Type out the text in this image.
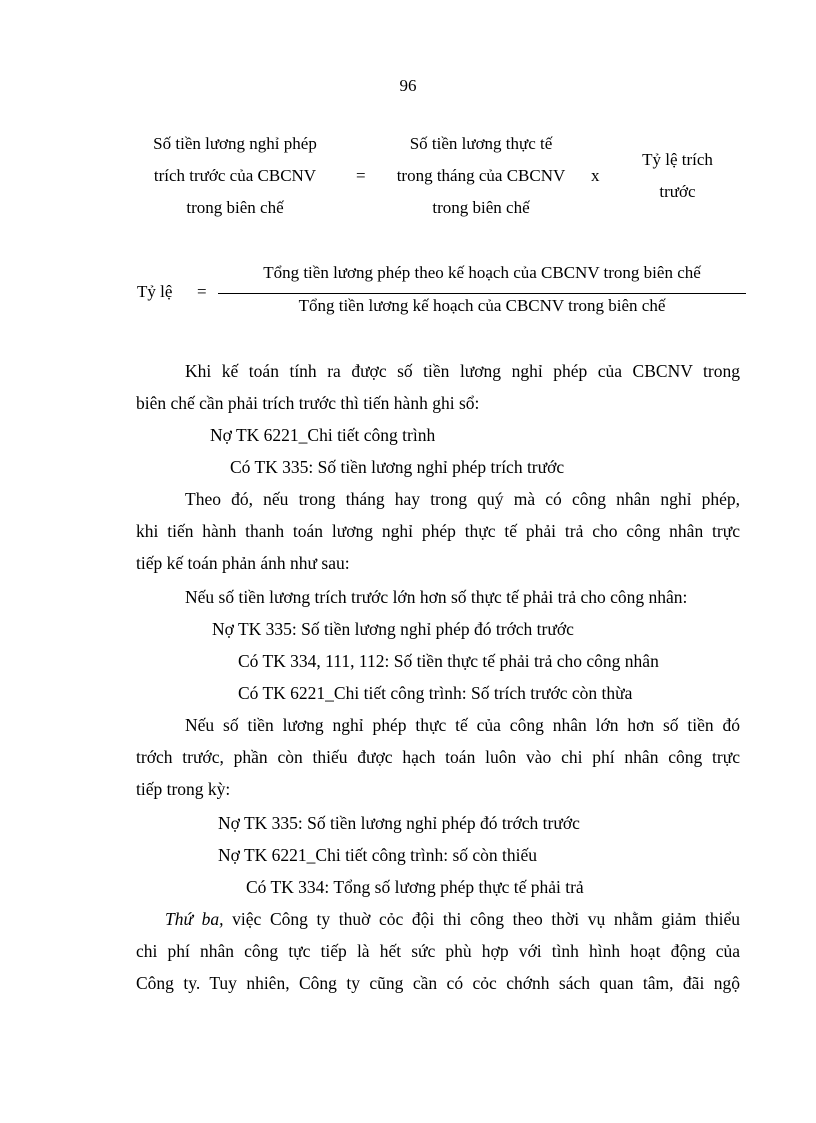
96
Số tiền lương nghỉ phép
trích trước của CBCNV
trong biên chế
=
Số tiền lương thực tế
trong tháng của CBCNV
trong biên chế
x
Tỷ lệ trích
trước
Tỷ lệ =
Tổng tiền lương phép theo kế hoạch của CBCNV trong biên chế
Tổng tiền lương kế hoạch của CBCNV trong biên chế
Khi kế toán tính ra được số tiền lương nghỉ phép của CBCNV trong
biên chế cần phải trích trước thì tiến hành ghi sổ:
Nợ TK 6221_Chi tiết công trình
Có TK 335: Số tiền lương nghỉ phép trích trước
Theo đó, nếu trong tháng hay trong quý mà có công nhân nghỉ phép,
khi tiến hành thanh toán lương nghỉ phép thực tế phải trả cho công nhân trực
tiếp kế toán phản ánh như sau:
Nếu số tiền lương trích trước lớn hơn số thực tế phải trả cho công nhân:
Nợ TK 335: Số tiền lương nghỉ phép đó trớch trước
Có TK 334, 111, 112: Số tiền thực tế phải trả cho công nhân
Có TK 6221_Chi tiết công trình: Số trích trước còn thừa
Nếu số tiền lương nghỉ phép thực tế của công nhân lớn hơn số tiền đó
trớch trước, phần còn thiếu được hạch toán luôn vào chi phí nhân công trực
tiếp trong kỳ:
Nợ TK 335: Số tiền lương nghỉ phép đó trớch trước
Nợ TK 6221_Chi tiết công trình: số còn thiếu
Có TK 334: Tổng số lương phép thực tế phải trả
Thứ ba, việc Công ty thuờ cỏc đội thi công theo thời vụ nhằm giảm thiểu
chi phí nhân công tực tiếp là hết sức phù hợp với tình hình hoạt động của
Công ty. Tuy nhiên, Công ty cũng cần có cỏc chớnh sách quan tâm, đãi ngộ
